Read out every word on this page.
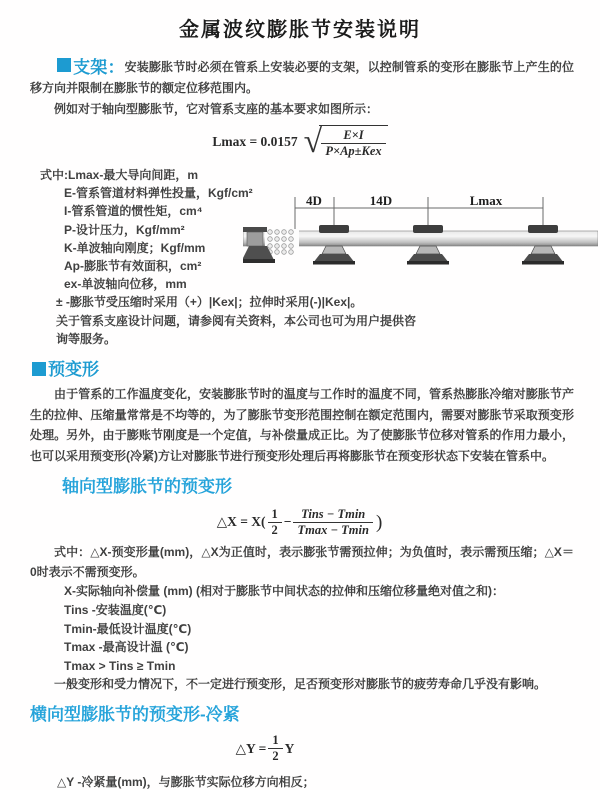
金属波纹膨胀节安装说明
支架：安装膨胀节时必须在管系上安装必要的支架，以控制管系的变形在膨胀节上产生的位移方向并限制在膨胀节的额定位移范围内。
例如对于轴向型膨胀节，它对管系支座的基本要求如图所示：
Lmax = 0.0157 √ $\frac{E\times I}{\text{P×Ap±Kex}}$
式中:Lmax-最大导向间距，m
E-管系管道材料弹性投量，Kgf/cm²
I-管系管道的惯性矩，cm⁴
P-设计压力，Kgf/mm²
K-单波轴向刚度；Kgf/mm
Ap-膨胀节有效面积，cm²
ex-单波轴向位移，mm
± -膨胀节受压缩时采用（+）|Kex|；拉伸时采用(-)|Kex|。
关于管系支座设计问题，请参阅有关资料，本公司也可为用户提供咨询等服务。
4D	14D	Lmax
预变形
由于管系的工作温度变化，安装膨胀节时的温度与工作时的温度不同，管系热膨胀冷缩对膨胀节产生的拉伸、压缩量常常是不均等的，为了膨胀节变形范围控制在额定范围内，需要对膨胀节采取预变形处理。另外，由于膨账节刚度是一个定值，与补偿量成正比。为了使膨胀节位移对管系的作用力最小，也可以采用预变形(冷紧)方让对膨胀节进行预变形处理后再将膨胀节在预变形状态下安装在管系中。
轴向型膨胀节的预变形
△X = $X( \frac{1}{2} - \frac{\text{Tins − Tmin}}{Tmax - Tmin}$ )
式中：△X-预变形量(mm)，△X为正值时，表示膨张节需预拉伸；为负值时，表示需预压缩；△X＝0时表示不需预变形。
X-实际轴向补偿量 (mm) (相对于膨胀节中间状态的拉伸和压缩位移量绝对值之和)：
Tins -安装温度(℃)
Tmin-最低设计温度(℃)
Tmax -最高设计温 (℃)
Tmax > Tins ≥ Tmin
一般变形和受力情况下，不一定进行预变形，足否预变形对膨胀节的疲劳寿命几乎没有影响。
横向型膨胀节的预变形-冷紧
△Y = $\frac{1}{2}$ Y
△Y -冷紧量(mm)，与膨胀节实际位移方向相反；
